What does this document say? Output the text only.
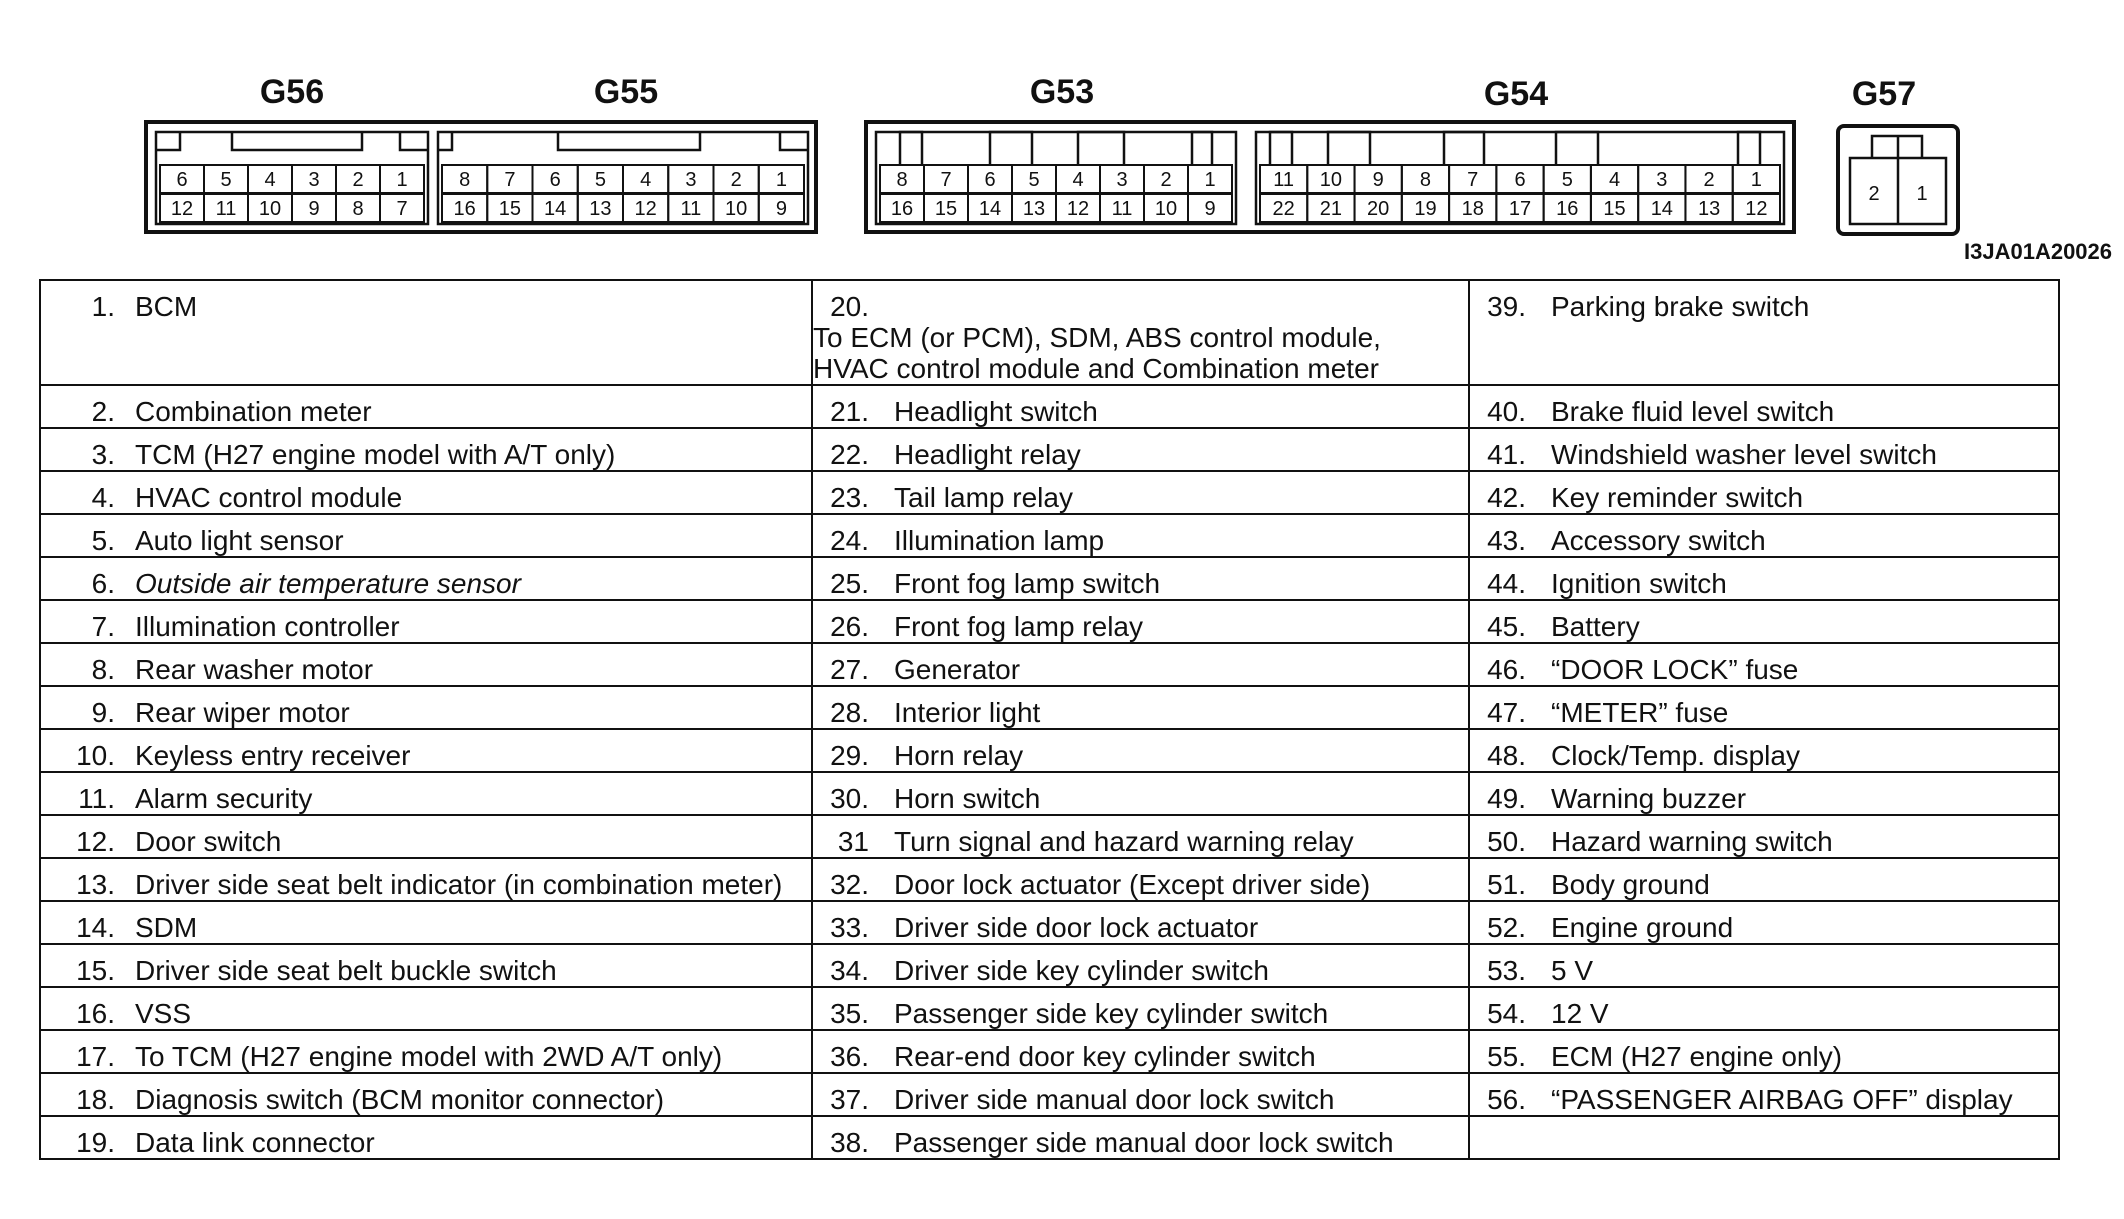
6 5 4 3 2 1
12 11 10 9 8 7
8 7 6 5 4 3 2 1
16 15 14 13 12 11 10 9
8 7 6 5 4 3 2 1
16 15 14 13 12 11 10 9
11 10 9 8 7 6 5 4 3 2 1
22 21 20 19 18 17 16 15 14 13 12
2 1
G56	G55	G53	G54	G57
I3JA01A20026
1. BCM	20.To ECM (or PCM), SDM, ABS control module,
HVAC control module and Combination meter	39. Parking brake switch
2. Combination meter	21. Headlight switch	40. Brake fluid level switch
3. TCM (H27 engine model with A/T only)	22. Headlight relay	41. Windshield washer level switch
4. HVAC control module	23. Tail lamp relay	42. Key reminder switch
5. Auto light sensor	24. Illumination lamp	43. Accessory switch
6. Outside air temperature sensor	25. Front fog lamp switch	44. Ignition switch
7. Illumination controller	26. Front fog lamp relay	45. Battery
8. Rear washer motor	27. Generator	46. “DOOR LOCK” fuse
9. Rear wiper motor	28. Interior light	47. “METER” fuse
10. Keyless entry receiver	29. Horn relay	48. Clock/Temp. display
11. Alarm security	30. Horn switch	49. Warning buzzer
12. Door switch	31 Turn signal and hazard warning relay	50. Hazard warning switch
13. Driver side seat belt indicator (in combination meter)	32. Door lock actuator (Except driver side)	51. Body ground
14. SDM	33. Driver side door lock actuator	52. Engine ground
15. Driver side seat belt buckle switch	34. Driver side key cylinder switch	53. 5 V
16. VSS	35. Passenger side key cylinder switch	54. 12 V
17. To TCM (H27 engine model with 2WD A/T only)	36. Rear-end door key cylinder switch	55. ECM (H27 engine only)
18. Diagnosis switch (BCM monitor connector)	37. Driver side manual door lock switch	56. “PASSENGER AIRBAG OFF” display
19. Data link connector	38. Passenger side manual door lock switch	
